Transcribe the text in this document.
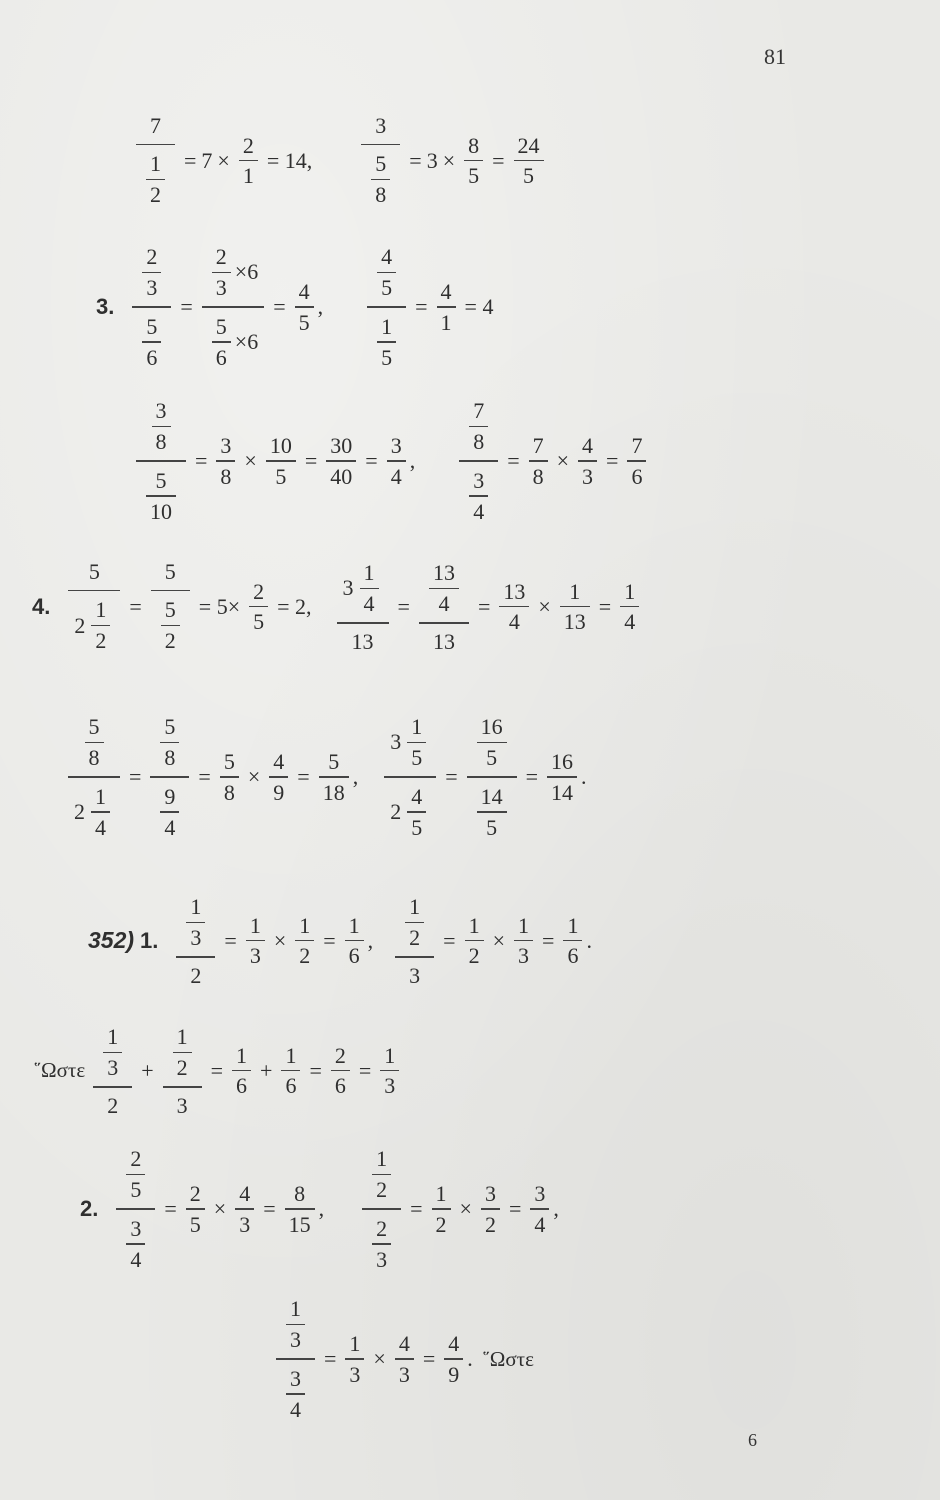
81
$\frac{7}{\frac{1}{2}} = 7 \times \frac{2}{1} = 14$, $\frac{3}{\frac{5}{8}} = 3 \times \frac{8}{5} = \frac{24}{5}$
3. $\frac{\frac{2}{3}}{\frac{5}{6}} = \frac{\frac{2}{3} \times 6}{\frac{5}{6} \times 6} = \frac{4}{5}$ , $\frac{\frac{4}{5}}{\frac{1}{5}} = \frac{4}{1} = 4$
$\frac{\frac{3}{8}}{\frac{5}{10}} = \frac{3}{8} \times \frac{10}{5} = \frac{30}{40} = \frac{3}{4}$ , $\frac{\frac{7}{8}}{\frac{3}{4}} = \frac{7}{8} \times \frac{4}{3} = \frac{7}{6}$
4. $\frac{5}{2 \frac{1}{2}} = \frac{5}{\frac{5}{2}} = 5\times \frac{2}{5} = 2$, $\frac{3 \frac{1}{4}}{13} = \frac{\frac{13}{4}}{13} = \frac{13}{4} \times \frac{1}{13} = \frac{1}{4}$
$\frac{\frac{5}{8}}{2 \frac{1}{4}} = \frac{\frac{5}{8}}{\frac{9}{4}} = \frac{5}{8} \times \frac{4}{9} = \frac{5}{18}$ , $\frac{3 \frac{1}{5}}{2 \frac{4}{5}} = \frac{\frac{16}{5}}{\frac{14}{5}} = \frac{16}{14}$ .
352) 1. $\frac{\frac{1}{3}}{2} = \frac{1}{3} \times \frac{1}{2} = \frac{1}{6}$ , $\frac{\frac{1}{2}}{3} = \frac{1}{2} \times \frac{1}{3} = \frac{1}{6}$ .
῞Ωστε $\frac{\frac{1}{3}}{2} + \frac{\frac{1}{2}}{3} = \frac{1}{6} + \frac{1}{6} = \frac{2}{6} = \frac{1}{3}$
2. $\frac{\frac{2}{5}}{\frac{3}{4}} = \frac{2}{5} \times \frac{4}{3} = \frac{8}{15}$ , $\frac{\frac{1}{2}}{\frac{2}{3}} = \frac{1}{2} \times \frac{3}{2} = \frac{3}{4}$ ,
$\frac{\frac{1}{3}}{\frac{3}{4}} = \frac{1}{3} \times \frac{4}{3} = \frac{4}{9}$ . ῞Ωστε
6
